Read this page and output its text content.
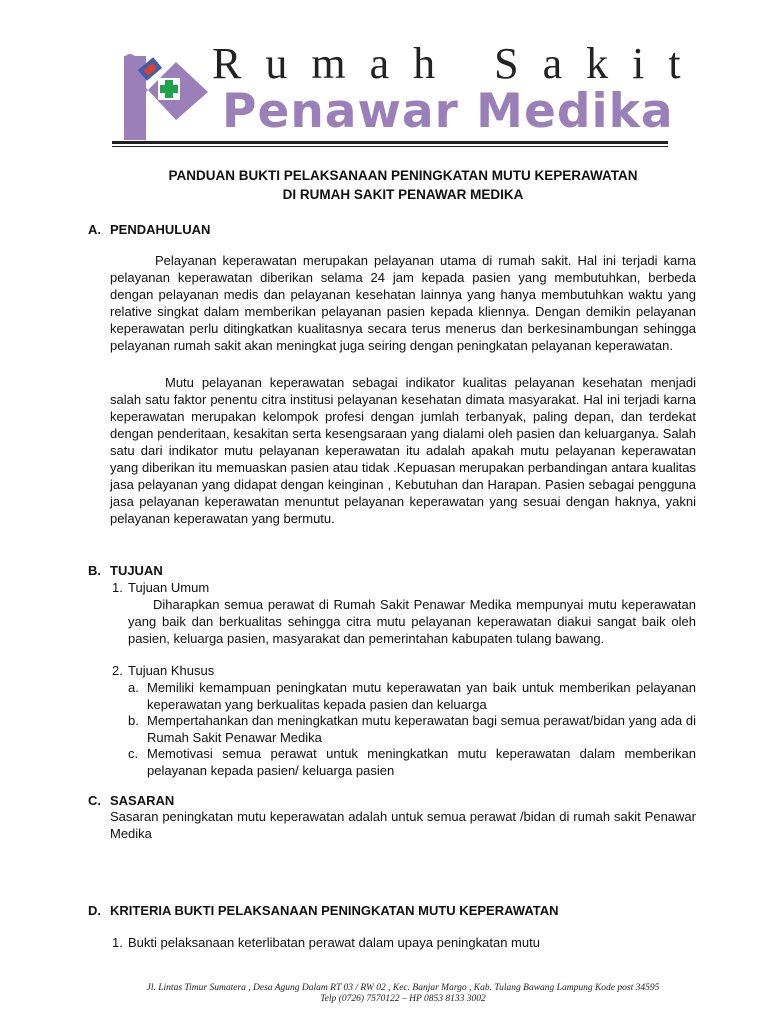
Rumah Sakit
Penawar Medika
PANDUAN BUKTI PELAKSANAAN PENINGKATAN MUTU KEPERAWATAN
DI RUMAH SAKIT PENAWAR MEDIKA
A. PENDAHULUAN
Pelayanan keperawatan merupakan pelayanan utama di rumah sakit. Hal ini terjadi karna pelayanan keperawatan diberikan selama 24 jam kepada pasien yang membutuhkan, berbeda dengan pelayanan medis dan pelayanan kesehatan lainnya yang hanya membutuhkan waktu yang relative singkat dalam memberikan pelayanan pasien kepada kliennya. Dengan demikin pelayanan keperawatan perlu ditingkatkan kualitasnya secara terus menerus dan berkesinambungan sehingga pelayanan rumah sakit akan meningkat juga seiring dengan peningkatan pelayanan keperawatan.
Mutu pelayanan keperawatan sebagai indikator kualitas pelayanan kesehatan menjadi salah satu faktor penentu citra institusi pelayanan kesehatan dimata masyarakat. Hal ini terjadi karna keperawatan merupakan kelompok profesi dengan jumlah terbanyak, paling depan, dan terdekat dengan penderitaan, kesakitan serta kesengsaraan yang dialami oleh pasien dan keluarganya. Salah satu dari indikator mutu pelayanan keperawatan itu adalah apakah mutu pelayanan keperawatan yang diberikan itu memuaskan pasien atau tidak .Kepuasan merupakan perbandingan antara kualitas jasa pelayanan yang didapat dengan keinginan , Kebutuhan dan Harapan. Pasien sebagai pengguna jasa pelayanan keperawatan menuntut pelayanan keperawatan yang sesuai dengan haknya, yakni pelayanan keperawatan yang bermutu.
B. TUJUAN
1. Tujuan Umum
Diharapkan semua perawat di Rumah Sakit Penawar Medika mempunyai mutu keperawatan yang baik dan berkualitas sehingga citra mutu pelayanan keperawatan diakui sangat baik oleh pasien, keluarga pasien, masyarakat dan pemerintahan kabupaten tulang bawang.
2. Tujuan Khusus
a. Memiliki kemampuan peningkatan mutu keperawatan yan baik untuk memberikan pelayanan keperawatan yang berkualitas kepada pasien dan keluarga
b. Mempertahankan dan meningkatkan mutu keperawatan bagi semua perawat/bidan yang ada di Rumah Sakit Penawar Medika
c. Memotivasi semua perawat untuk meningkatkan mutu keperawatan dalam memberikan pelayanan kepada pasien/ keluarga pasien
C. SASARAN
Sasaran peningkatan mutu keperawatan adalah untuk semua perawat /bidan di rumah sakit Penawar Medika
D. KRITERIA BUKTI PELAKSANAAN PENINGKATAN MUTU KEPERAWATAN
1. Bukti pelaksanaan keterlibatan perawat dalam upaya peningkatan mutu
Jl. Lintas Timur Sumatera , Desa Agung Dalam RT 03 / RW 02 , Kec. Banjar Margo , Kab. Tulang Bawang Lampung Kode post 34595
Telp (0726) 7570122 – HP 0853 8133 3002
